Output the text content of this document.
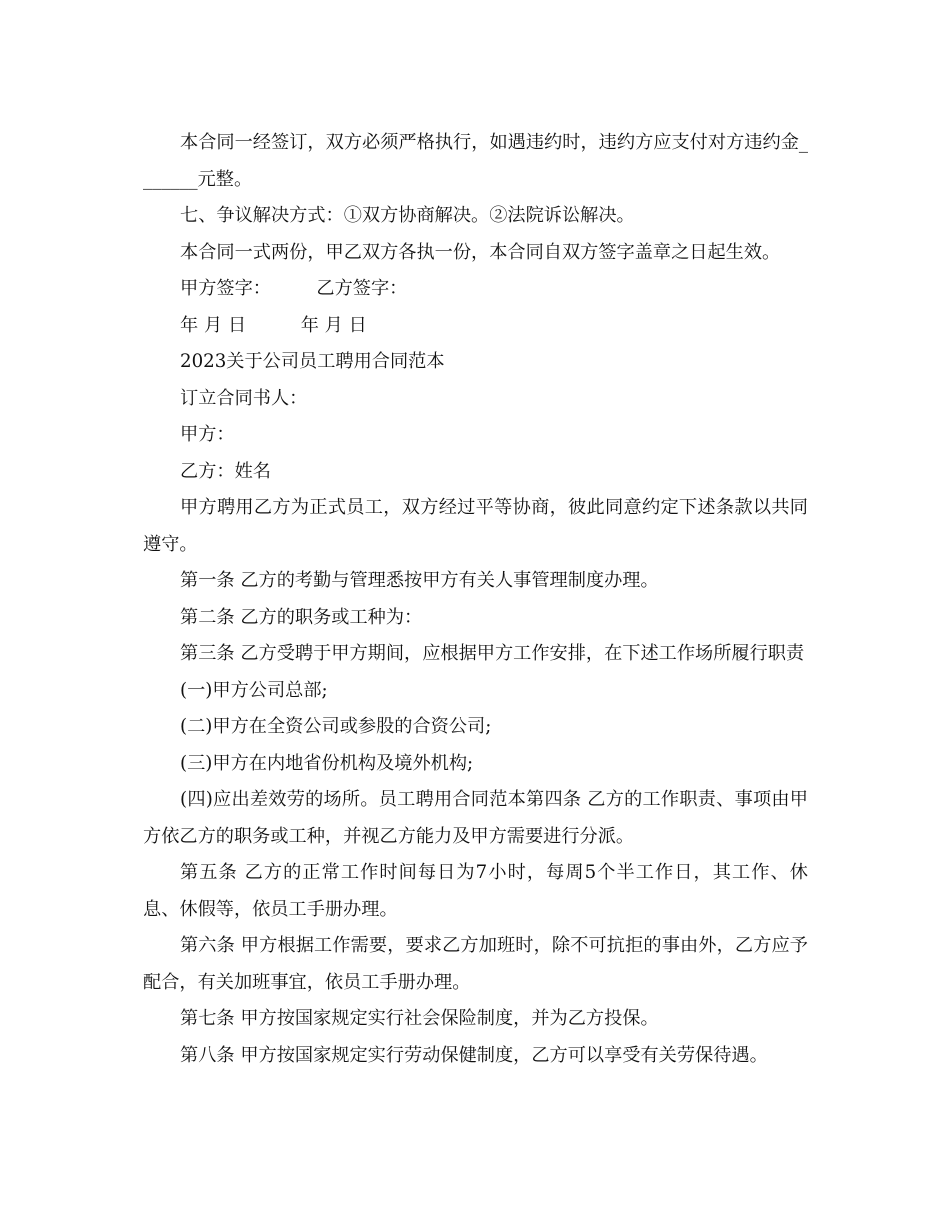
本合同一经签订，双方必须严格执行，如遇违约时，违约方应支付对方违约金_______元整。

七、争议解决方式：①双方协商解决。②法院诉讼解决。

本合同一式两份，甲乙双方各执一份，本合同自双方签字盖章之日起生效。

甲方签字：　　　乙方签字：

年 月 日　　　年 月 日

2023关于公司员工聘用合同范本

订立合同书人：

甲方：

乙方：姓名

甲方聘用乙方为正式员工，双方经过平等协商，彼此同意约定下述条款以共同遵守。

第一条 乙方的考勤与管理悉按甲方有关人事管理制度办理。

第二条 乙方的职务或工种为：

第三条 乙方受聘于甲方期间，应根据甲方工作安排，在下述工作场所履行职责

(一)甲方公司总部;

(二)甲方在全资公司或参股的合资公司;

(三)甲方在内地省份机构及境外机构;

(四)应出差效劳的场所。员工聘用合同范本第四条 乙方的工作职责、事项由甲方依乙方的职务或工种，并视乙方能力及甲方需要进行分派。

第五条 乙方的正常工作时间每日为7小时，每周5个半工作日，其工作、休息、休假等，依员工手册办理。

第六条 甲方根据工作需要，要求乙方加班时，除不可抗拒的事由外，乙方应予配合，有关加班事宜，依员工手册办理。

第七条 甲方按国家规定实行社会保险制度，并为乙方投保。

第八条 甲方按国家规定实行劳动保健制度，乙方可以享受有关劳保待遇。
